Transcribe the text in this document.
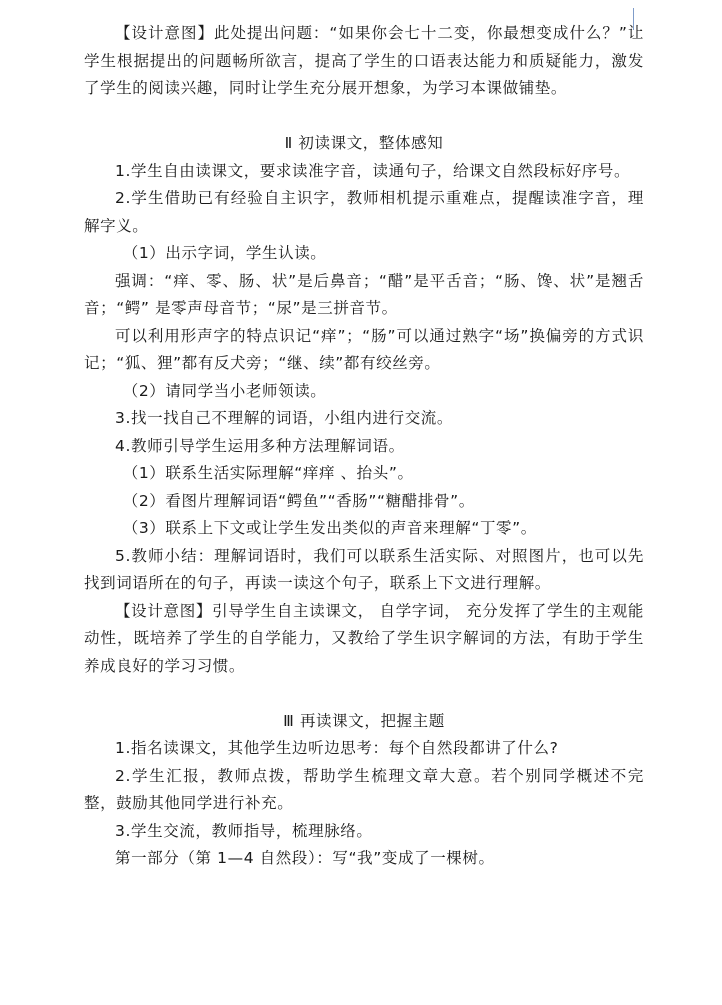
【设计意图】此处提出问题：“如果你会七十二变，你最想变成什么？”让学生根据提出的问题畅所欲言，提高了学生的口语表达能力和质疑能力，激发了学生的阅读兴趣，同时让学生充分展开想象，为学习本课做铺垫。

Ⅱ 初读课文，整体感知

1.学生自由读课文，要求读准字音，读通句子，给课文自然段标好序号。

2.学生借助已有经验自主识字，教师相机提示重难点，提醒读准字音，理解字义。

（1）出示字词，学生认读。

强调：“痒、零、肠、状”是后鼻音；“醋”是平舌音；“肠、馋、状”是翘舌音；“鳄” 是零声母音节；“尿”是三拼音节。

可以利用形声字的特点识记“痒”；“肠”可以通过熟字“场”换偏旁的方式识记；“狐、狸”都有反犬旁；“继、续”都有绞丝旁。

（2）请同学当小老师领读。

3.找一找自己不理解的词语，小组内进行交流。

4.教师引导学生运用多种方法理解词语。

（1）联系生活实际理解“痒痒 、抬头”。

（2）看图片理解词语“鳄鱼”“香肠”“糖醋排骨”。

（3）联系上下文或让学生发出类似的声音来理解“丁零”。

5.教师小结：理解词语时，我们可以联系生活实际、对照图片，也可以先找到词语所在的句子，再读一读这个句子，联系上下文进行理解。

【设计意图】引导学生自主读课文， 自学字词， 充分发挥了学生的主观能动性，既培养了学生的自学能力，又教给了学生识字解词的方法，有助于学生养成良好的学习习惯。

Ⅲ 再读课文，把握主题

1.指名读课文，其他学生边听边思考：每个自然段都讲了什么?

2.学生汇报，教师点拨，帮助学生梳理文章大意。若个别同学概述不完整，鼓励其他同学进行补充。

3.学生交流，教师指导，梳理脉络。

第一部分（第 1—4 自然段）：写“我”变成了一棵树。
